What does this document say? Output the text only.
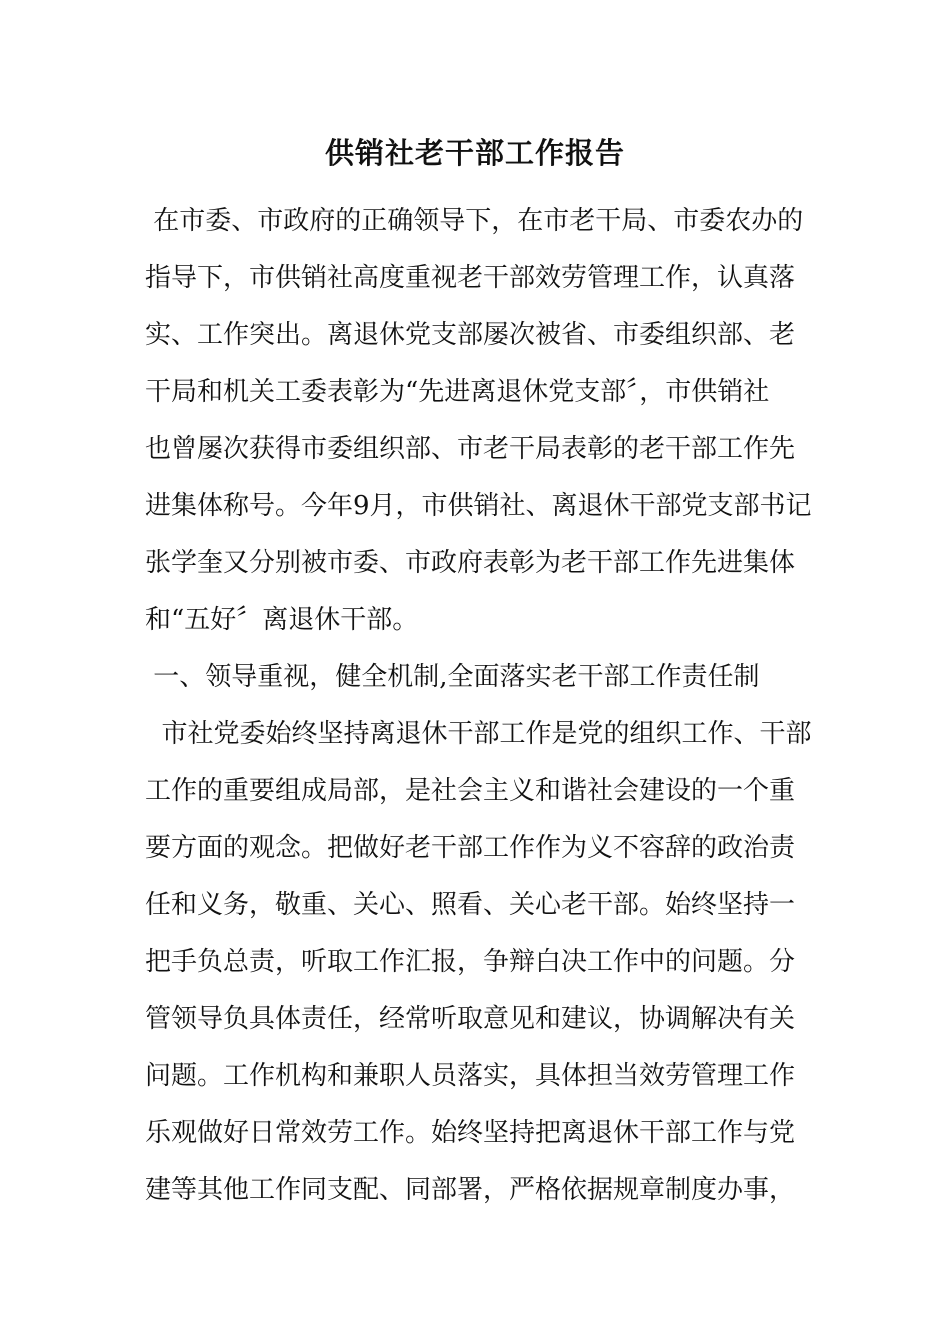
供销社老干部工作报告
在市委、市政府的正确领导下，在市老干局、市委农办的
指导下，市供销社高度重视老干部效劳管理工作，认真落
实、工作突出。离退休党支部屡次被省、市委组织部、老
干局和机关工委表彰为“先进离退休党支部〞，市供销社
也曾屡次获得市委组织部、市老干局表彰的老干部工作先
进集体称号。今年9月，市供销社、离退休干部党支部书记
张学奎又分别被市委、市政府表彰为老干部工作先进集体
和“五好〞离退休干部。
一、领导重视，健全机制,全面落实老干部工作责任制
市社党委始终坚持离退休干部工作是党的组织工作、干部
工作的重要组成局部，是社会主义和谐社会建设的一个重
要方面的观念。把做好老干部工作作为义不容辞的政治责
任和义务，敬重、关心、照看、关心老干部。始终坚持一
把手负总责，听取工作汇报，争辩白决工作中的问题。分
管领导负具体责任，经常听取意见和建议，协调解决有关
问题。工作机构和兼职人员落实，具体担当效劳管理工作
乐观做好日常效劳工作。始终坚持把离退休干部工作与党
建等其他工作同支配、同部署，严格依据规章制度办事，
